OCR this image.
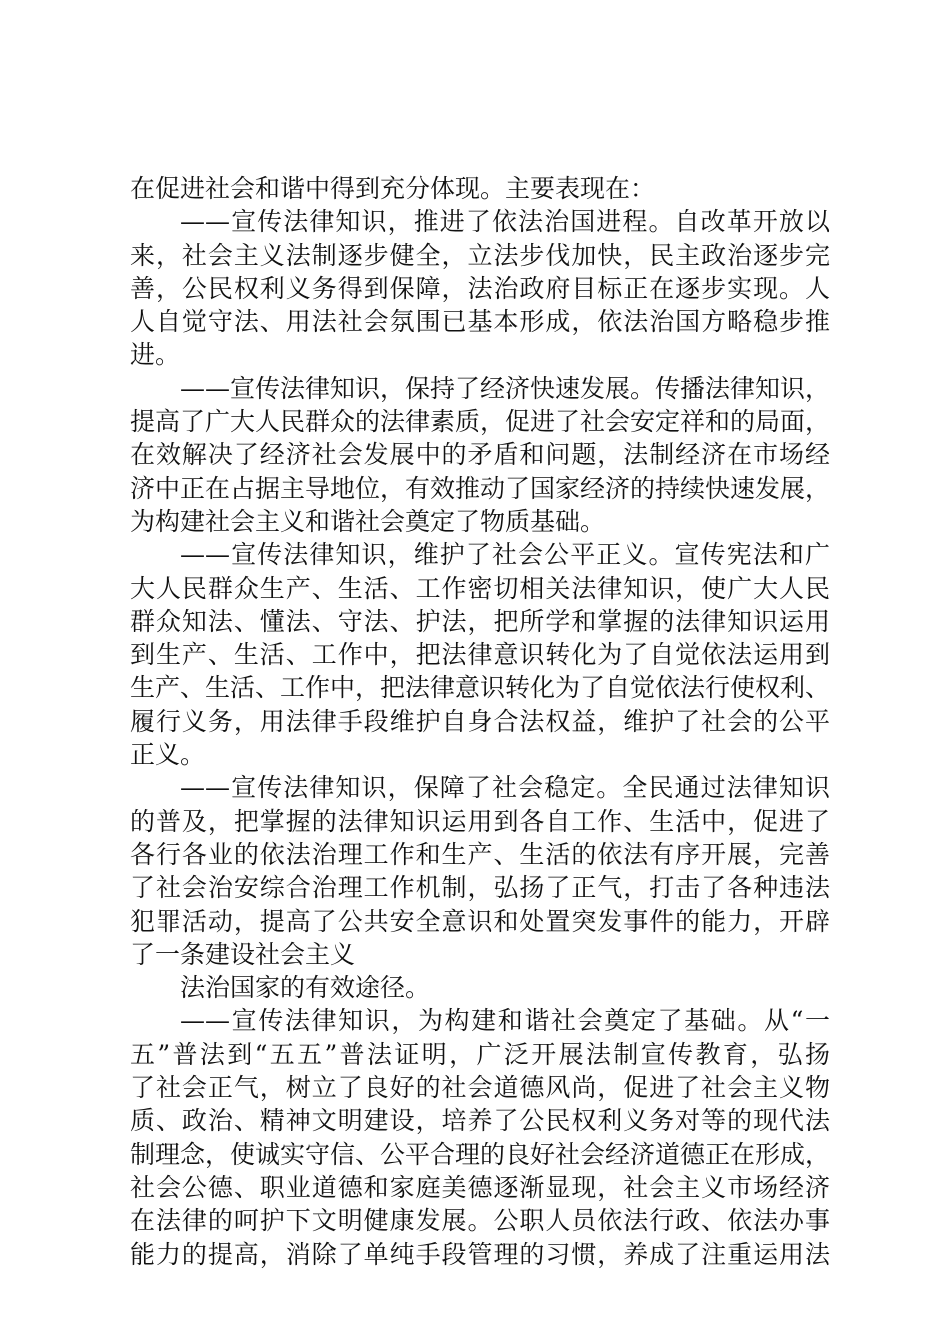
在促进社会和谐中得到充分体现。主要表现在：
——宣传法律知识，推进了依法治国进程。自改革开放以
来，社会主义法制逐步健全，立法步伐加快，民主政治逐步完
善，公民权利义务得到保障，法治政府目标正在逐步实现。人
人自觉守法、用法社会氛围已基本形成，依法治国方略稳步推
进。
——宣传法律知识，保持了经济快速发展。传播法律知识，
提高了广大人民群众的法律素质，促进了社会安定祥和的局面，
在效解决了经济社会发展中的矛盾和问题，法制经济在市场经
济中正在占据主导地位，有效推动了国家经济的持续快速发展，
为构建社会主义和谐社会奠定了物质基础。
——宣传法律知识，维护了社会公平正义。宣传宪法和广
大人民群众生产、生活、工作密切相关法律知识，使广大人民
群众知法、懂法、守法、护法，把所学和掌握的法律知识运用
到生产、生活、工作中，把法律意识转化为了自觉依法运用到
生产、生活、工作中，把法律意识转化为了自觉依法行使权利、
履行义务，用法律手段维护自身合法权益，维护了社会的公平
正义。
——宣传法律知识，保障了社会稳定。全民通过法律知识
的普及，把掌握的法律知识运用到各自工作、生活中，促进了
各行各业的依法治理工作和生产、生活的依法有序开展，完善
了社会治安综合治理工作机制，弘扬了正气，打击了各种违法
犯罪活动，提高了公共安全意识和处置突发事件的能力，开辟
了一条建设社会主义
法治国家的有效途径。
——宣传法律知识，为构建和谐社会奠定了基础。从“一
五”普法到“五五”普法证明，广泛开展法制宣传教育，弘扬
了社会正气，树立了良好的社会道德风尚，促进了社会主义物
质、政治、精神文明建设，培养了公民权利义务对等的现代法
制理念，使诚实守信、公平合理的良好社会经济道德正在形成，
社会公德、职业道德和家庭美德逐渐显现，社会主义市场经济
在法律的呵护下文明健康发展。公职人员依法行政、依法办事
能力的提高，消除了单纯手段管理的习惯，养成了注重运用法
